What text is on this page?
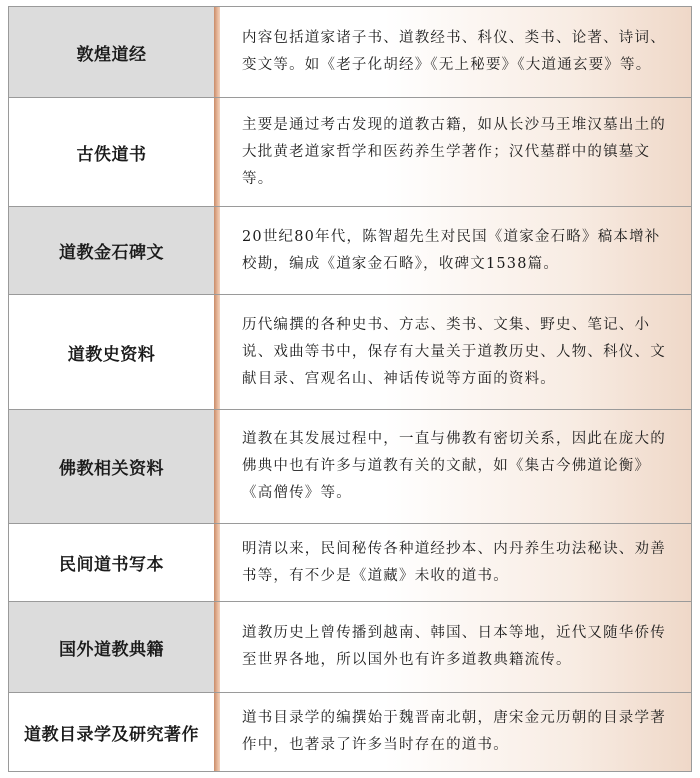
敦煌道经
内容包括道家诸子书、道教经书、科仪、类书、论著、诗词、变文等。如《老子化胡经》《无上秘要》《大道通玄要》等。
古佚道书
主要是通过考古发现的道教古籍，如从长沙马王堆汉墓出土的大批黄老道家哲学和医药养生学著作；汉代墓群中的镇墓文等。
道教金石碑文
20世纪80年代，陈智超先生对民国《道家金石略》稿本增补校勘，编成《道家金石略》，收碑文1538篇。
道教史资料
历代编撰的各种史书、方志、类书、文集、野史、笔记、小说、戏曲等书中，保存有大量关于道教历史、人物、科仪、文献目录、宫观名山、神话传说等方面的资料。
佛教相关资料
道教在其发展过程中，一直与佛教有密切关系，因此在庞大的佛典中也有许多与道教有关的文献，如《集古今佛道论衡》《高僧传》等。
民间道书写本
明清以来，民间秘传各种道经抄本、内丹养生功法秘诀、劝善书等，有不少是《道藏》未收的道书。
国外道教典籍
道教历史上曾传播到越南、韩国、日本等地，近代又随华侨传至世界各地，所以国外也有许多道教典籍流传。
道教目录学及研究著作
道书目录学的编撰始于魏晋南北朝，唐宋金元历朝的目录学著作中，也著录了许多当时存在的道书。
